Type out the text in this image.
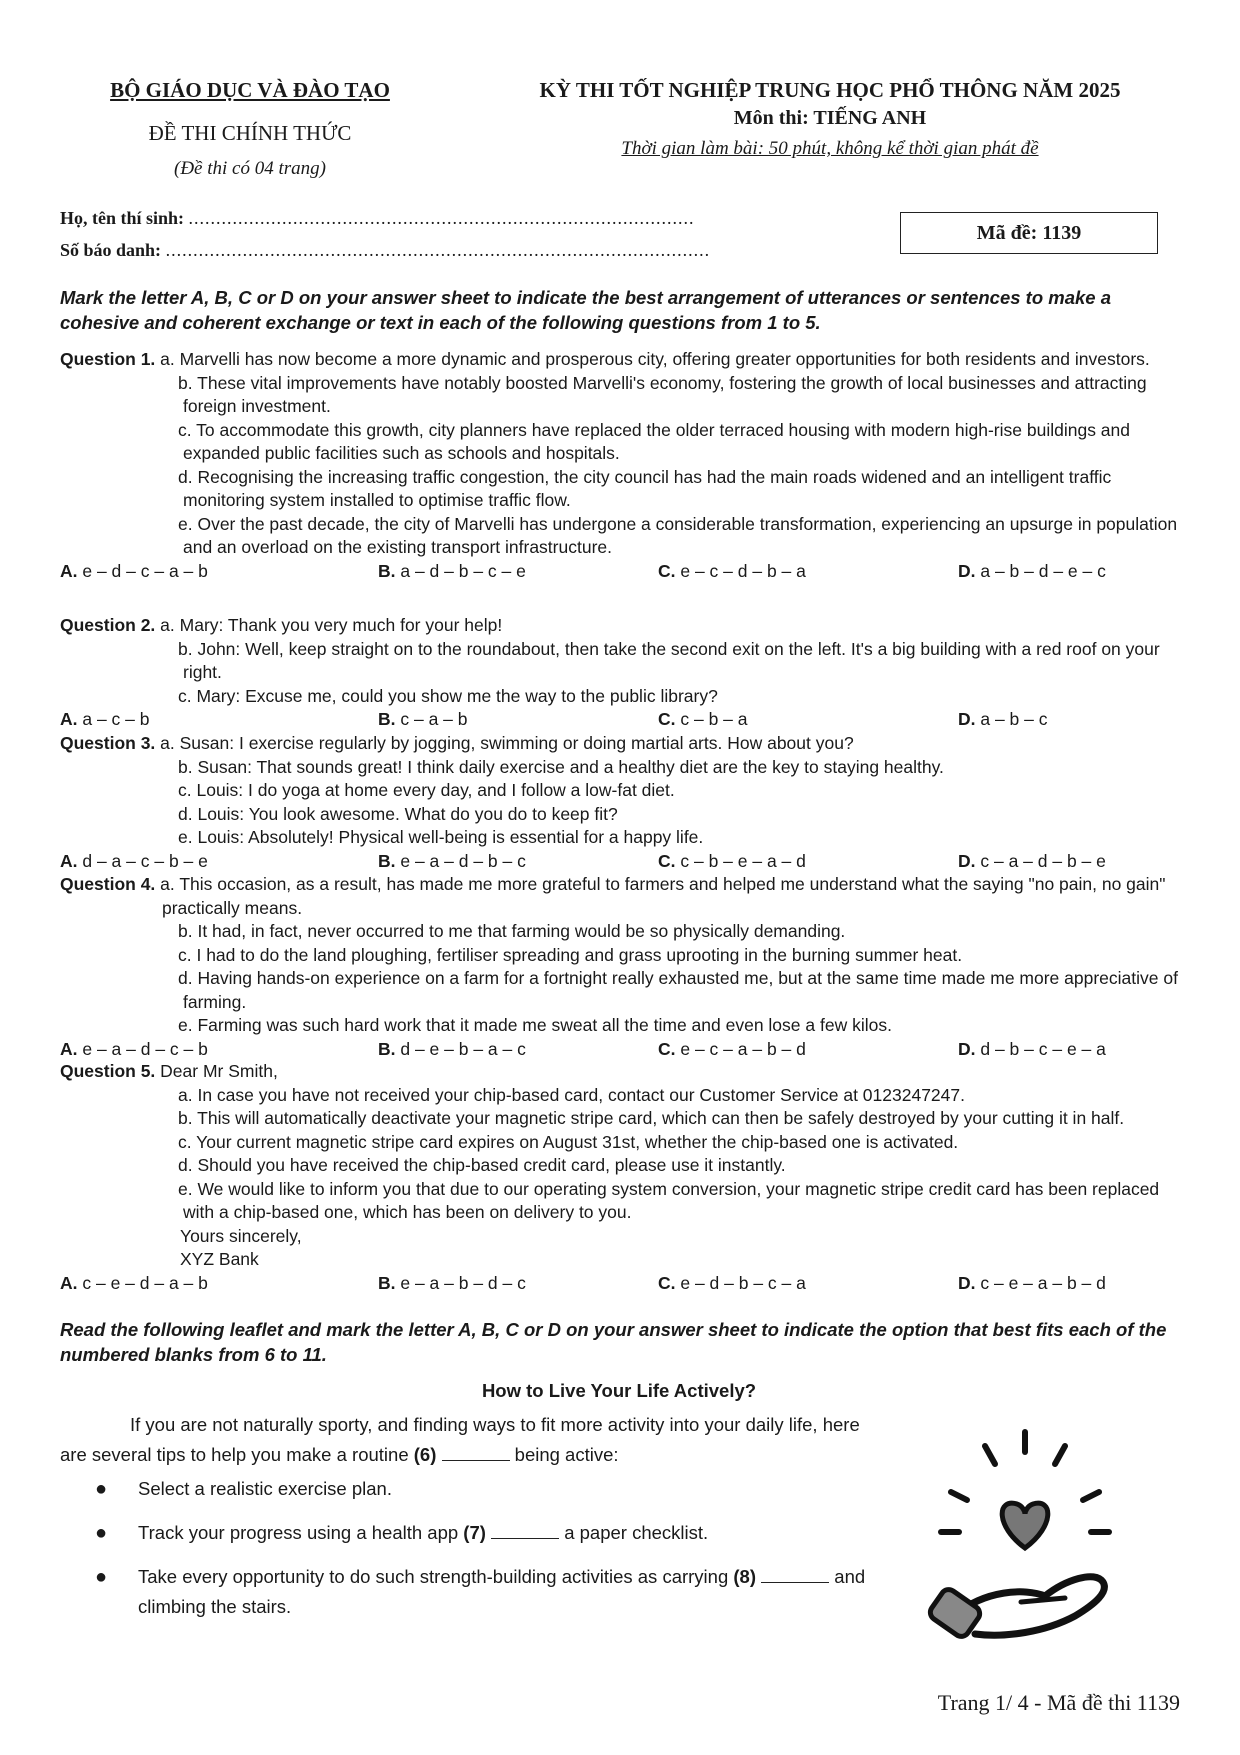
BỘ GIÁO DỤC VÀ ĐÀO TẠO
ĐỀ THI CHÍNH THỨC
(Đề thi có 04 trang)
KỲ THI TỐT NGHIỆP TRUNG HỌC PHỔ THÔNG NĂM 2025
Môn thi: TIẾNG ANH
Thời gian làm bài: 50 phút, không kể thời gian phát đề
Họ, tên thí sinh: ............................................................................................
Số báo danh: ...................................................................................................
Mã đề: 1139
Mark the letter A, B, C or D on your answer sheet to indicate the best arrangement of utterances or sentences to make a cohesive and coherent exchange or text in each of the following questions from 1 to 5.
Question 1. a. Marvelli has now become a more dynamic and prosperous city, offering greater opportunities for both residents and investors.
b. These vital improvements have notably boosted Marvelli's economy, fostering the growth of local businesses and attracting foreign investment.
c. To accommodate this growth, city planners have replaced the older terraced housing with modern high-rise buildings and expanded public facilities such as schools and hospitals.
d. Recognising the increasing traffic congestion, the city council has had the main roads widened and an intelligent traffic monitoring system installed to optimise traffic flow.
e. Over the past decade, the city of Marvelli has undergone a considerable transformation, experiencing an upsurge in population and an overload on the existing transport infrastructure.
A. e – d – c – a – b	B. a – d – b – c – e	C. e – c – d – b – a	D. a – b – d – e – c
Question 2. a. Mary: Thank you very much for your help!
b. John: Well, keep straight on to the roundabout, then take the second exit on the left. It's a big building with a red roof on your right.
c. Mary: Excuse me, could you show me the way to the public library?
A. a – c – b	B. c – a – b	C. c – b – a	D. a – b – c
Question 3. a. Susan: I exercise regularly by jogging, swimming or doing martial arts. How about you?
b. Susan: That sounds great! I think daily exercise and a healthy diet are the key to staying healthy.
c. Louis: I do yoga at home every day, and I follow a low-fat diet.
d. Louis: You look awesome. What do you do to keep fit?
e. Louis: Absolutely! Physical well-being is essential for a happy life.
A. d – a – c – b – e	B. e – a – d – b – c	C. c – b – e – a – d	D. c – a – d – b – e
Question 4. a. This occasion, as a result, has made me more grateful to farmers and helped me understand what the saying "no pain, no gain" practically means.
b. It had, in fact, never occurred to me that farming would be so physically demanding.
c. I had to do the land ploughing, fertiliser spreading and grass uprooting in the burning summer heat.
d. Having hands-on experience on a farm for a fortnight really exhausted me, but at the same time made me more appreciative of farming.
e. Farming was such hard work that it made me sweat all the time and even lose a few kilos.
A. e – a – d – c – b	B. d – e – b – a – c	C. e – c – a – b – d	D. d – b – c – e – a
Question 5. Dear Mr Smith,
a. In case you have not received your chip-based card, contact our Customer Service at 0123247247.
b. This will automatically deactivate your magnetic stripe card, which can then be safely destroyed by your cutting it in half.
c. Your current magnetic stripe card expires on August 31st, whether the chip-based one is activated.
d. Should you have received the chip-based credit card, please use it instantly.
e. We would like to inform you that due to our operating system conversion, your magnetic stripe credit card has been replaced with a chip-based one, which has been on delivery to you.
Yours sincerely,
XYZ Bank
A. c – e – d – a – b	B. e – a – b – d – c	C. e – d – b – c – a	D. c – e – a – b – d
Read the following leaflet and mark the letter A, B, C or D on your answer sheet to indicate the option that best fits each of the numbered blanks from 6 to 11.
How to Live Your Life Actively?
If you are not naturally sporty, and finding ways to fit more activity into your daily life, here are several tips to help you make a routine (6)	being active:
● Select a realistic exercise plan.
● Track your progress using a health app (7)	a paper checklist.
● Take every opportunity to do such strength-building activities as carrying (8)	and climbing the stairs.
Trang 1/ 4 - Mã đề thi 1139
